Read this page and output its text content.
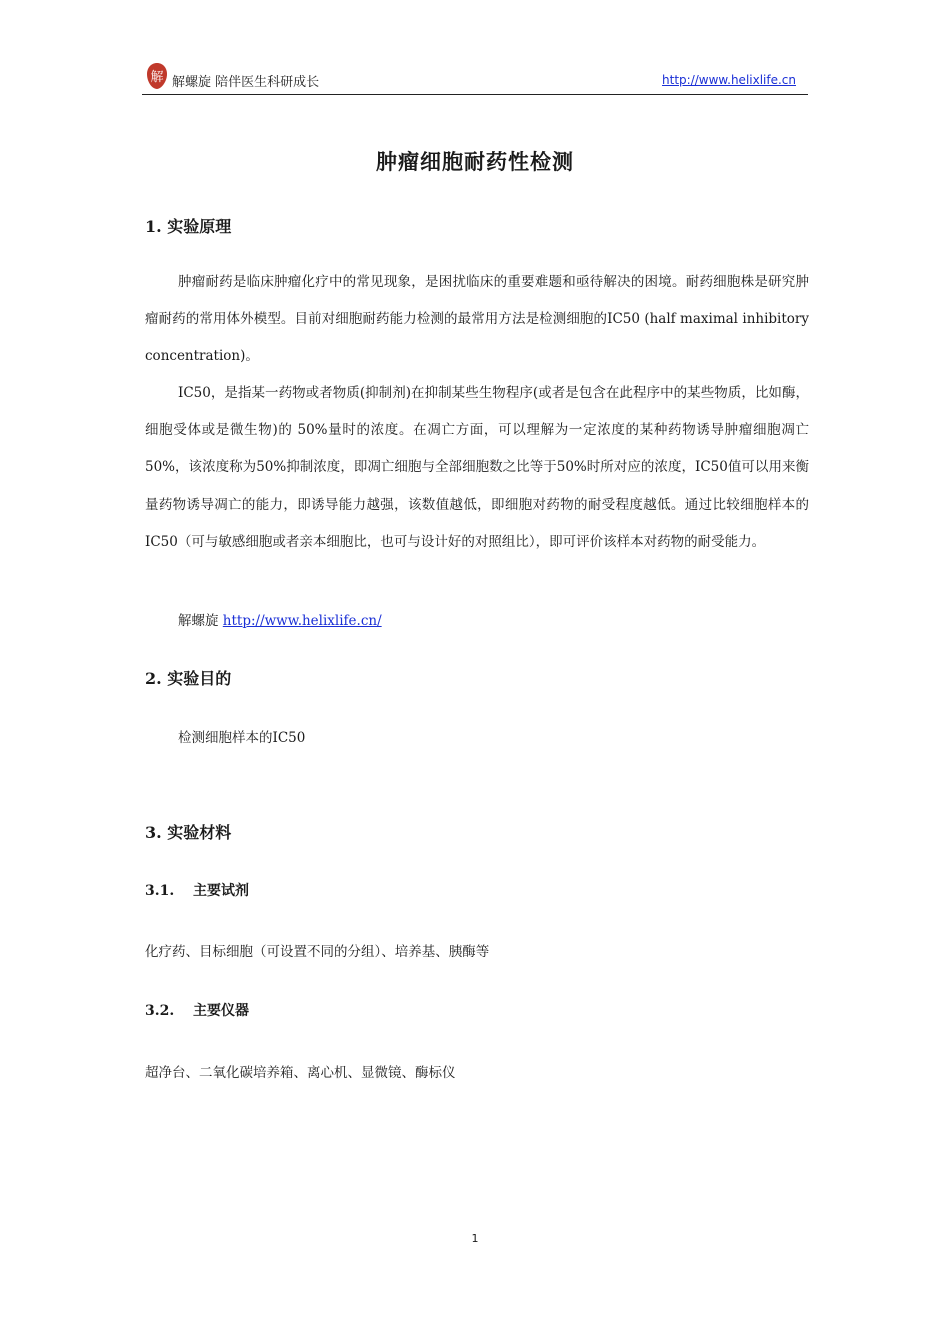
解 解螺旋 陪伴医生科研成长	http://www.helixlife.cn
肿瘤细胞耐药性检测
1. 实验原理

肿瘤耐药是临床肿瘤化疗中的常见现象，是困扰临床的重要难题和亟待解决的困境。耐药细胞株是研究肿瘤耐药的常用体外模型。目前对细胞耐药能力检测的最常用方法是检测细胞的IC50 (half maximal inhibitory concentration)。

IC50，是指某一药物或者物质(抑制剂)在抑制某些生物程序(或者是包含在此程序中的某些物质，比如酶，细胞受体或是微生物)的 50%量时的浓度。在凋亡方面，可以理解为一定浓度的某种药物诱导肿瘤细胞凋亡50%，该浓度称为50%抑制浓度，即凋亡细胞与全部细胞数之比等于50%时所对应的浓度，IC50值可以用来衡量药物诱导凋亡的能力，即诱导能力越强，该数值越低，即细胞对药物的耐受程度越低。通过比较细胞样本的 IC50（可与敏感细胞或者亲本细胞比，也可与设计好的对照组比），即可评价该样本对药物的耐受能力。

解螺旋 http://www.helixlife.cn/
2. 实验目的
检测细胞样本的IC50
3. 实验材料
3.1. 主要试剂
化疗药、目标细胞（可设置不同的分组）、培养基、胰酶等
3.2. 主要仪器
超净台、二氧化碳培养箱、离心机、显微镜、酶标仪
1
